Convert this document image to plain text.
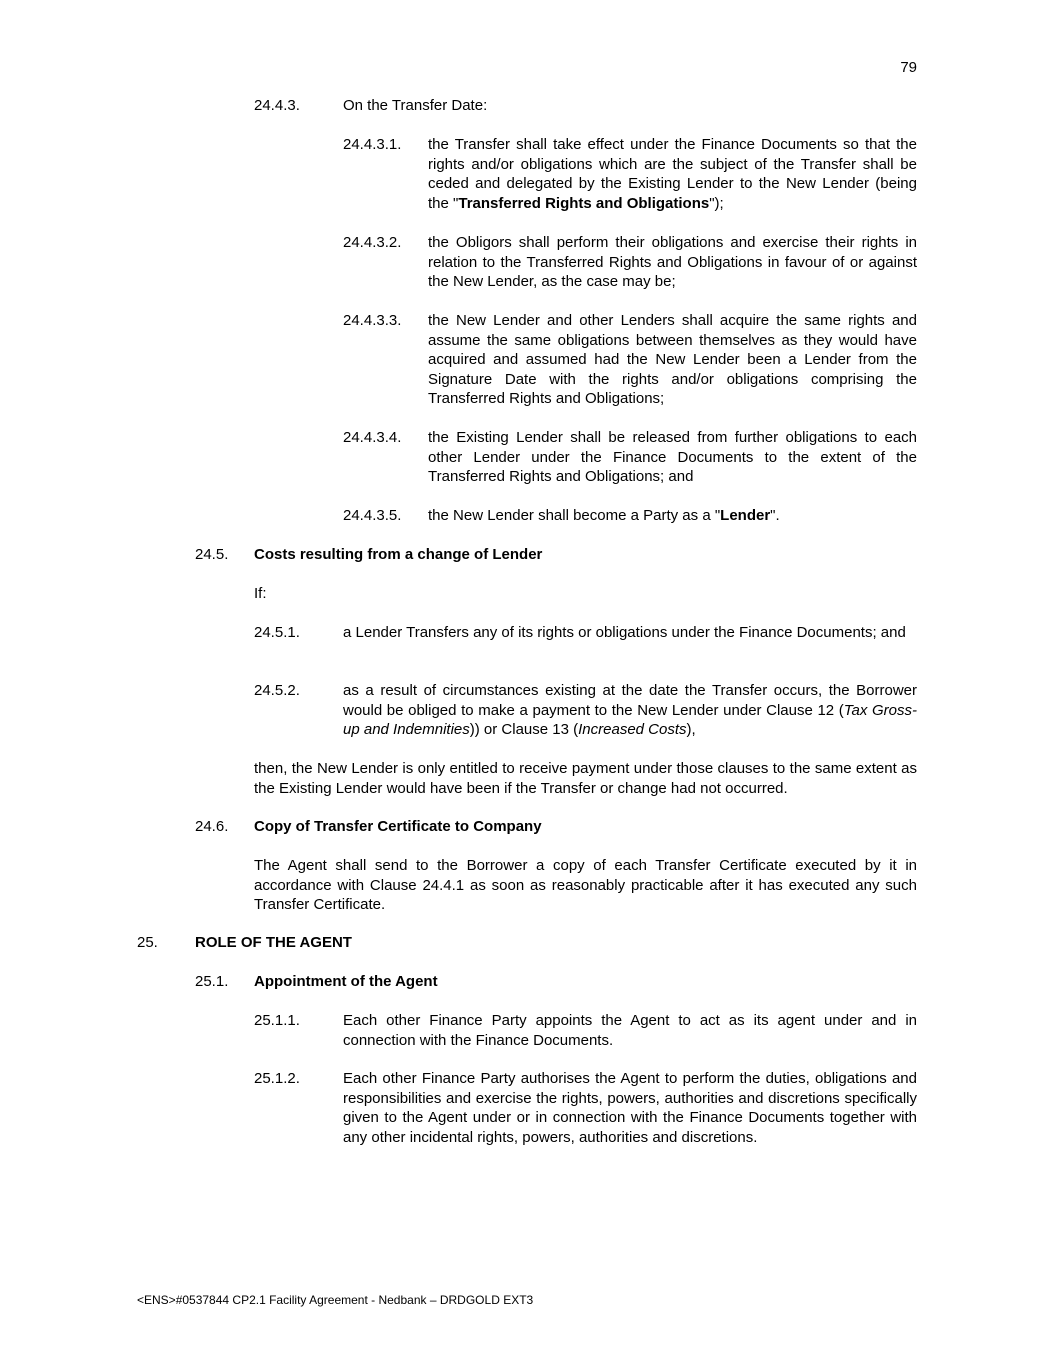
79
24.4.3.	On the Transfer Date:
24.4.3.1. the Transfer shall take effect under the Finance Documents so that the rights and/or obligations which are the subject of the Transfer shall be ceded and delegated by the Existing Lender to the New Lender (being the "Transferred Rights and Obligations");
24.4.3.2. the Obligors shall perform their obligations and exercise their rights in relation to the Transferred Rights and Obligations in favour of or against the New Lender, as the case may be;
24.4.3.3. the New Lender and other Lenders shall acquire the same rights and assume the same obligations between themselves as they would have acquired and assumed had the New Lender been a Lender from the Signature Date with the rights and/or obligations comprising the Transferred Rights and Obligations;
24.4.3.4. the Existing Lender shall be released from further obligations to each other Lender under the Finance Documents to the extent of the Transferred Rights and Obligations; and
24.4.3.5. the New Lender shall become a Party as a "Lender".
24.5. Costs resulting from a change of Lender
If:
24.5.1.	a Lender Transfers any of its rights or obligations under the Finance Documents; and
24.5.2.	as a result of circumstances existing at the date the Transfer occurs, the Borrower would be obliged to make a payment to the New Lender under Clause 12 (Tax Gross-up and Indemnities)) or Clause 13 (Increased Costs),
then, the New Lender is only entitled to receive payment under those clauses to the same extent as the Existing Lender would have been if the Transfer or change had not occurred.
24.6. Copy of Transfer Certificate to Company
The Agent shall send to the Borrower a copy of each Transfer Certificate executed by it in accordance with Clause 24.4.1 as soon as reasonably practicable after it has executed any such Transfer Certificate.
25. ROLE OF THE AGENT
25.1. Appointment of the Agent
25.1.1.	Each other Finance Party appoints the Agent to act as its agent under and in connection with the Finance Documents.
25.1.2.	Each other Finance Party authorises the Agent to perform the duties, obligations and responsibilities and exercise the rights, powers, authorities and discretions specifically given to the Agent under or in connection with the Finance Documents together with any other incidental rights, powers, authorities and discretions.
<ENS>#0537844 CP2.1 Facility Agreement - Nedbank – DRDGOLD EXT3
